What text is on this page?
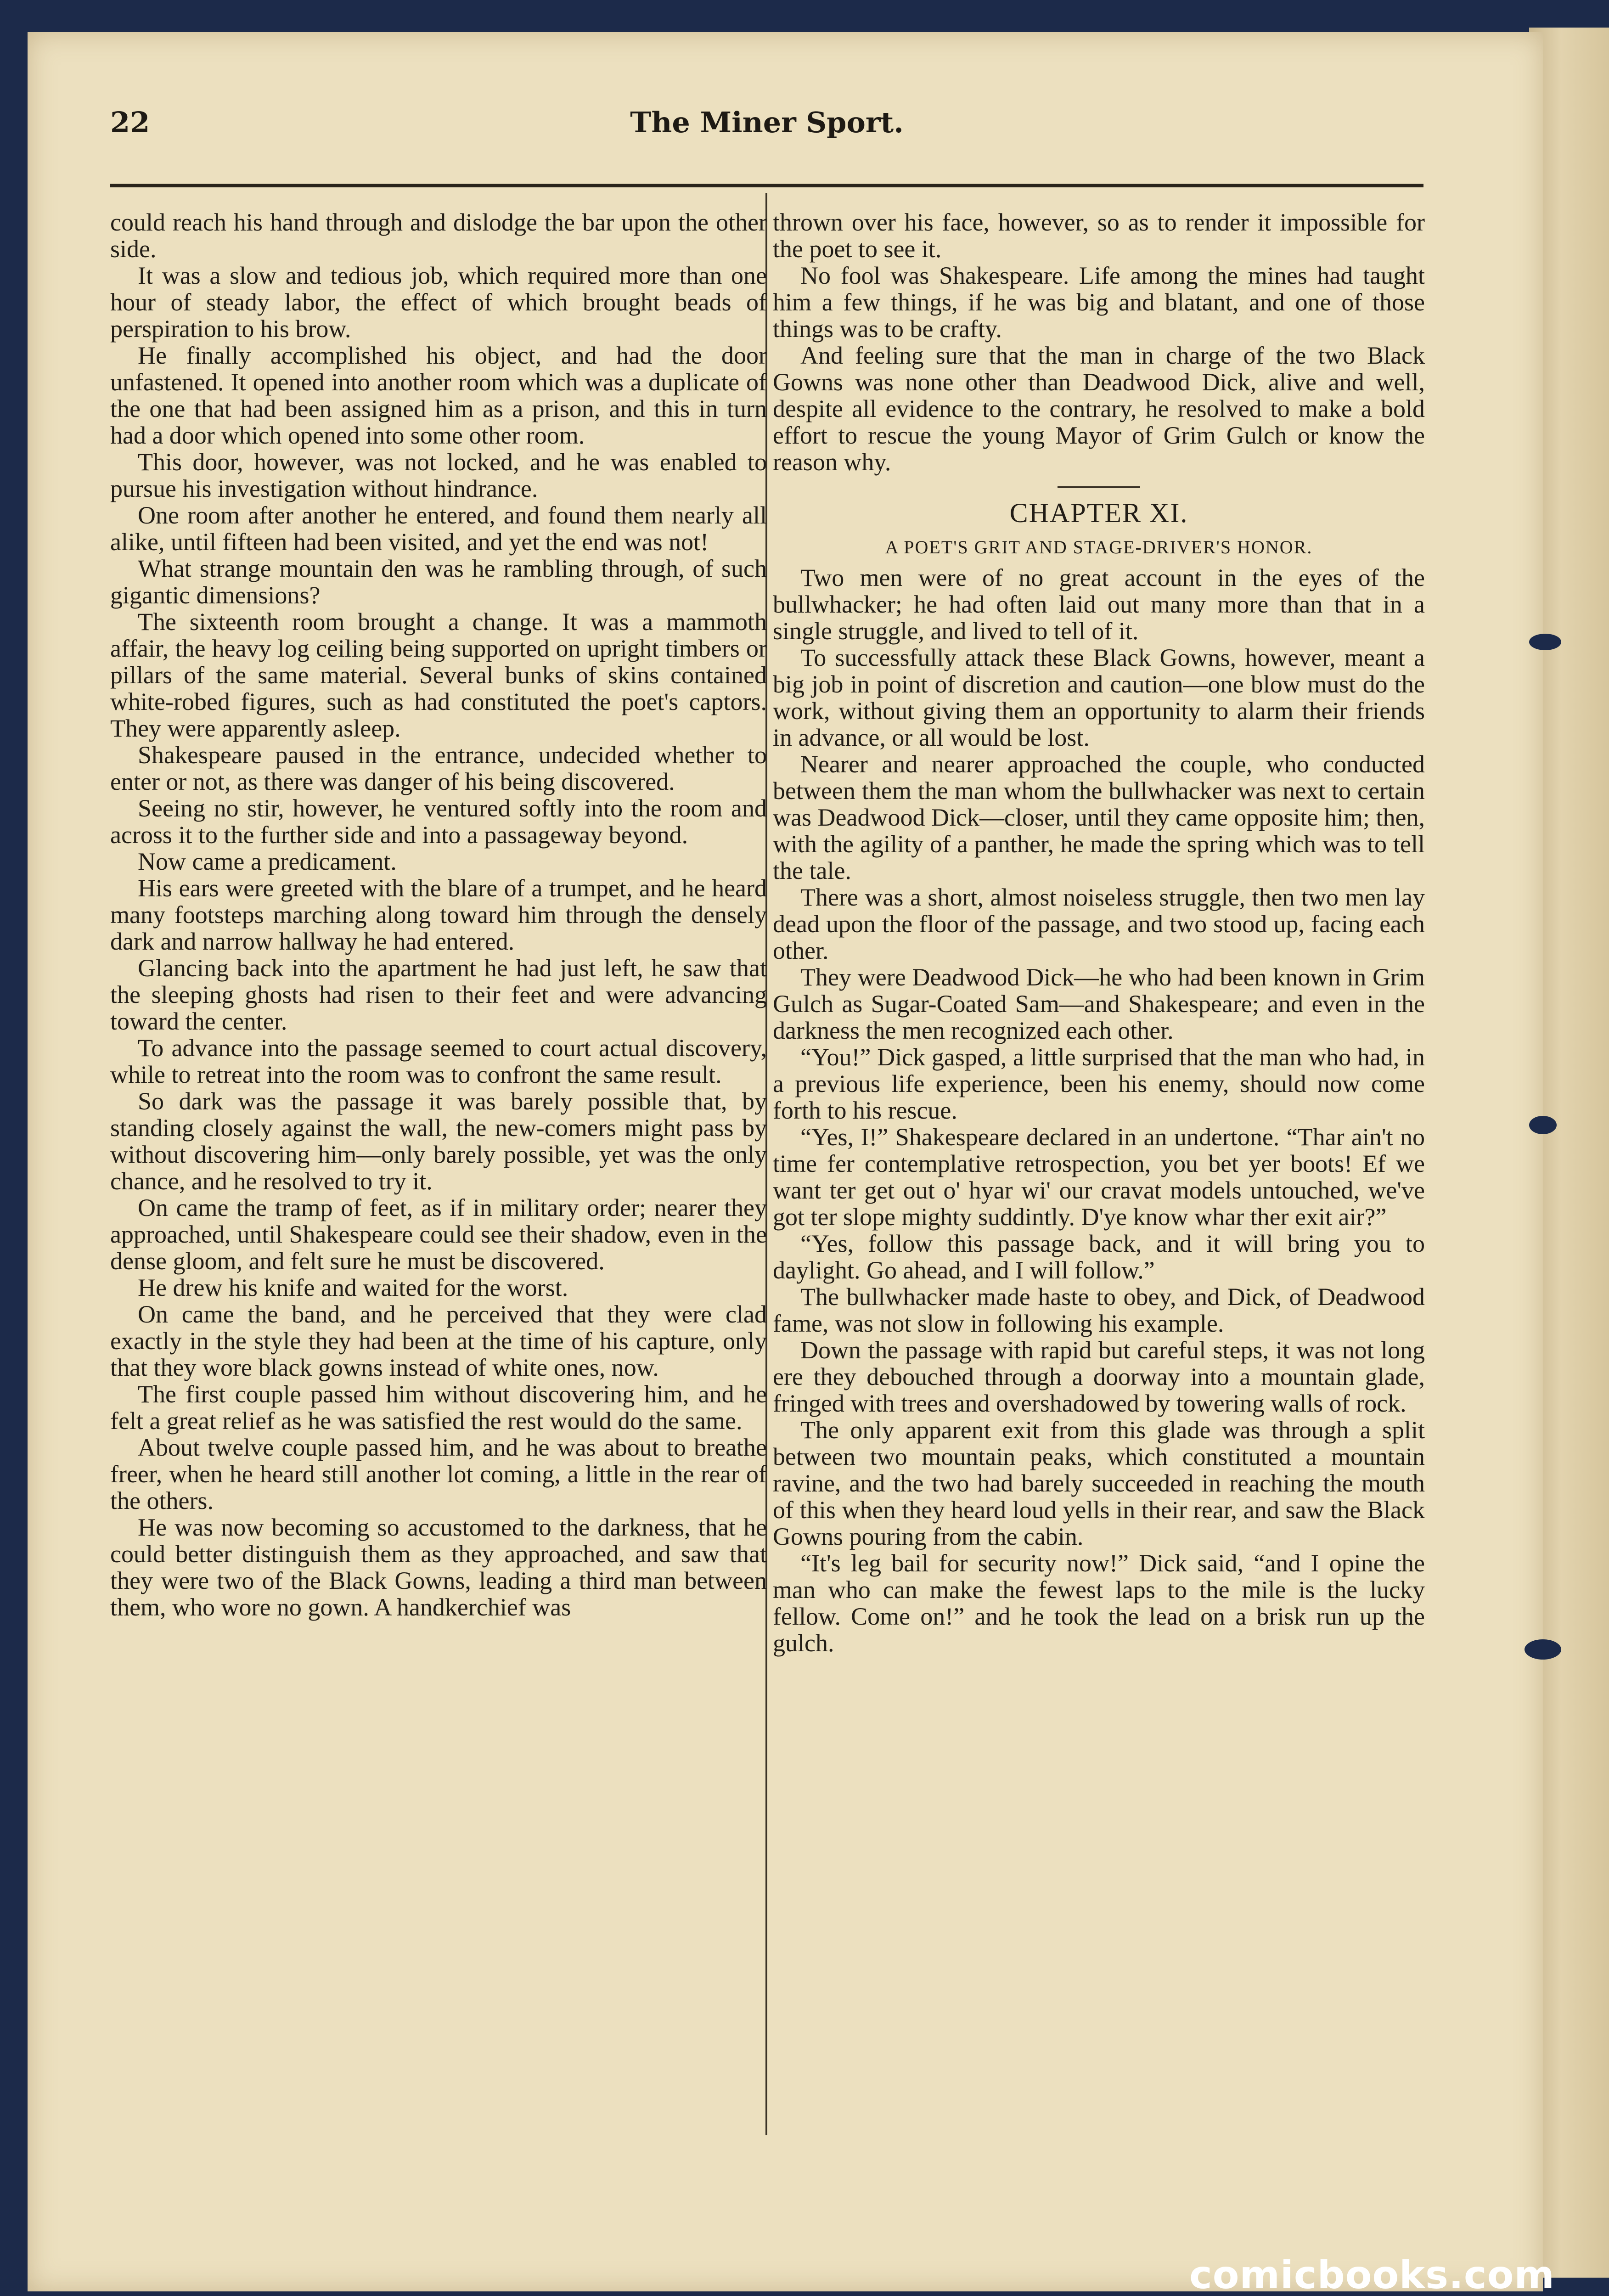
22	The Miner Sport.

could reach his hand through and dislodge the bar upon the other side.

It was a slow and tedious job, which required more than one hour of steady labor, the effect of which brought beads of perspiration to his brow.

He finally accomplished his object, and had the door unfastened. It opened into another room which was a duplicate of the one that had been assigned him as a prison, and this in turn had a door which opened into some other room.

This door, however, was not locked, and he was enabled to pursue his investigation without hindrance.

One room after another he entered, and found them nearly all alike, until fifteen had been visited, and yet the end was not!

What strange mountain den was he rambling through, of such gigantic dimensions?

The sixteenth room brought a change. It was a mammoth affair, the heavy log ceiling being supported on upright timbers or pillars of the same material. Several bunks of skins contained white-robed figures, such as had constituted the poet's captors. They were apparently asleep.

Shakespeare paused in the entrance, undecided whether to enter or not, as there was danger of his being discovered.

Seeing no stir, however, he ventured softly into the room and across it to the further side and into a passageway beyond.

Now came a predicament.

His ears were greeted with the blare of a trumpet, and he heard many footsteps marching along toward him through the densely dark and narrow hallway he had entered.

Glancing back into the apartment he had just left, he saw that the sleeping ghosts had risen to their feet and were advancing toward the center.

To advance into the passage seemed to court actual discovery, while to retreat into the room was to confront the same result.

So dark was the passage it was barely possible that, by standing closely against the wall, the new-comers might pass by without discovering him—only barely possible, yet was the only chance, and he resolved to try it.

On came the tramp of feet, as if in military order; nearer they approached, until Shakespeare could see their shadow, even in the dense gloom, and felt sure he must be discovered.

He drew his knife and waited for the worst.

On came the band, and he perceived that they were clad exactly in the style they had been at the time of his capture, only that they wore black gowns instead of white ones, now.

The first couple passed him without discovering him, and he felt a great relief as he was satisfied the rest would do the same.

About twelve couple passed him, and he was about to breathe freer, when he heard still another lot coming, a little in the rear of the others.

He was now becoming so accustomed to the darkness, that he could better distinguish them as they approached, and saw that they were two of the Black Gowns, leading a third man between them, who wore no gown. A handkerchief was

thrown over his face, however, so as to render it impossible for the poet to see it.

No fool was Shakespeare. Life among the mines had taught him a few things, if he was big and blatant, and one of those things was to be crafty.

And feeling sure that the man in charge of the two Black Gowns was none other than Deadwood Dick, alive and well, despite all evidence to the contrary, he resolved to make a bold effort to rescue the young Mayor of Grim Gulch or know the reason why.

CHAPTER XI.
A POET'S GRIT AND STAGE-DRIVER'S HONOR.

Two men were of no great account in the eyes of the bullwhacker; he had often laid out many more than that in a single struggle, and lived to tell of it.

To successfully attack these Black Gowns, however, meant a big job in point of discretion and caution—one blow must do the work, without giving them an opportunity to alarm their friends in advance, or all would be lost.

Nearer and nearer approached the couple, who conducted between them the man whom the bullwhacker was next to certain was Deadwood Dick—closer, until they came opposite him; then, with the agility of a panther, he made the spring which was to tell the tale.

There was a short, almost noiseless struggle, then two men lay dead upon the floor of the passage, and two stood up, facing each other.

They were Deadwood Dick—he who had been known in Grim Gulch as Sugar-Coated Sam—and Shakespeare; and even in the darkness the men recognized each other.

“You!” Dick gasped, a little surprised that the man who had, in a previous life experience, been his enemy, should now come forth to his rescue.

“Yes, I!” Shakespeare declared in an undertone. “Thar ain't no time fer contemplative retrospection, you bet yer boots! Ef we want ter get out o' hyar wi' our cravat models untouched, we've got ter slope mighty suddintly. D'ye know whar ther exit air?”

“Yes, follow this passage back, and it will bring you to daylight. Go ahead, and I will follow.”

The bullwhacker made haste to obey, and Dick, of Deadwood fame, was not slow in following his example.

Down the passage with rapid but careful steps, it was not long ere they debouched through a doorway into a mountain glade, fringed with trees and overshadowed by towering walls of rock.

The only apparent exit from this glade was through a split between two mountain peaks, which constituted a mountain ravine, and the two had barely succeeded in reaching the mouth of this when they heard loud yells in their rear, and saw the Black Gowns pouring from the cabin.

“It's leg bail for security now!” Dick said, “and I opine the man who can make the fewest laps to the mile is the lucky fellow. Come on!” and he took the lead on a brisk run up the gulch.

comicbooks.com
